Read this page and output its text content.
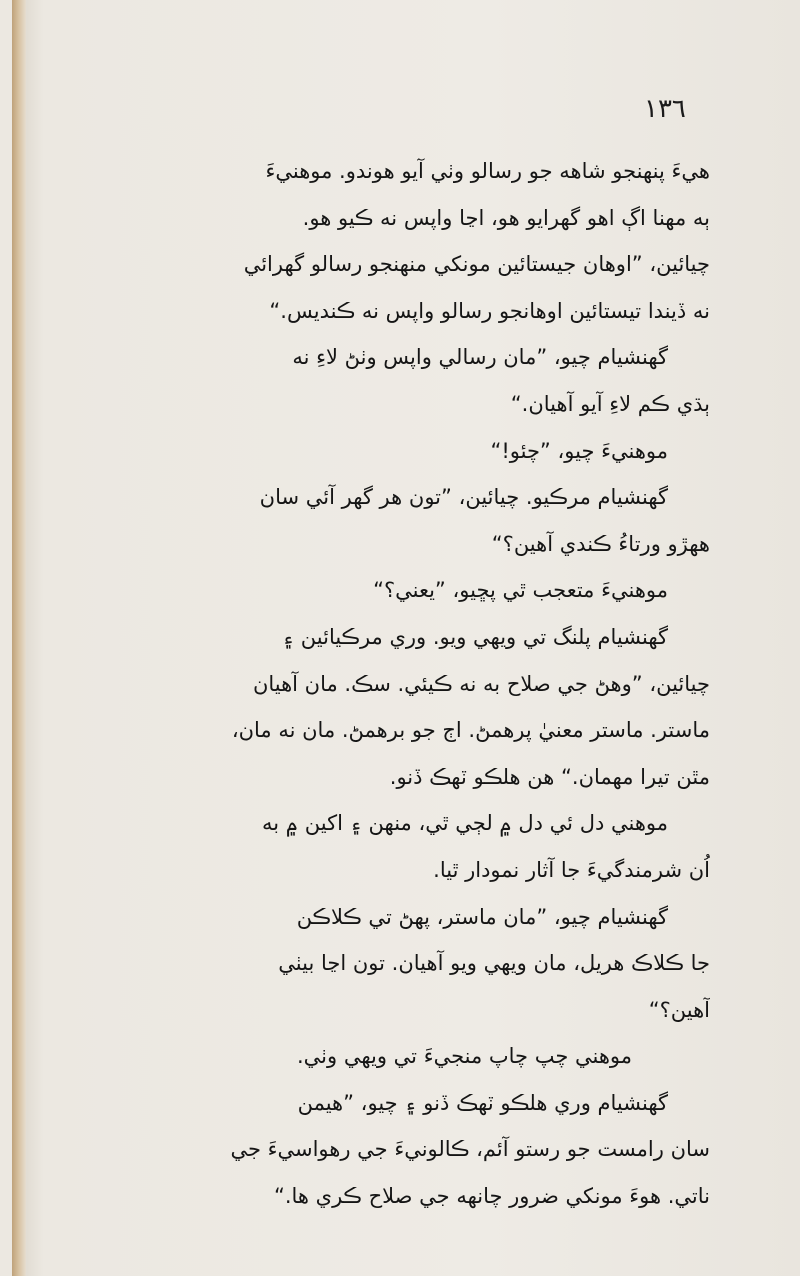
١٣٦
هيءَ پنهنجو شاهه جو رسالو وٺي آيو هوندو. موهنيءَ
ٻه مهنا اڳ اهو گهرايو هو، اڃا واپس نه ڪيو هو.
چيائين، ”اوهان جيستائين مونکي منهنجو رسالو گهرائي
نه ڏيندا تيستائين اوهانجو رسالو واپس نه ڪنديس.“
گهنشيام چيو، ”مان رسالي واپس وٺڻ لاءِ نه
ٻڌي ڪم لاءِ آيو آهيان.“
موهنيءَ چيو، ”چئو!“
گهنشيام مرڪيو. چيائين، ”تون هر گهر آئي سان
ههڙو ورتاءُ ڪندي آهين؟“
موهنيءَ متعجب ٿي پڇيو، ”يعني؟“
گهنشيام پلنگ تي ويهي ويو. وري مرڪيائين ۽
چيائين، ”وهڻ جي صلاح به نه ڪيئي. سڪ. مان آهيان
ماستر. ماستر معنيٰ پرهمڻ. اڄ جو برهمڻ. مان نه مان،
مٿن تيرا مهمان.“ هن هلڪو ٽهڪ ڏنو.
موهني دل ئي دل ۾ لڄي ٿي، منهن ۽ اکين ۾ به
اُن شرمندگيءَ جا آثار نمودار ٿيا.
گهنشيام چيو، ”مان ماستر، پهڻ تي ڪلاڪن
جا ڪلاڪ هريل، مان ويهي ويو آهيان. تون اڃا بيٺي
آهين؟“
موهني چپ چاپ منجيءَ تي ويهي وٺي.
گهنشيام وري هلڪو ٽهڪ ڏنو ۽ چيو، ”هيمن
سان رامست جو رستو آئم، ڪالونيءَ جي رهواسيءَ جي
ناتي. هوءَ مونکي ضرور چانهه جي صلاح ڪري ها.“
